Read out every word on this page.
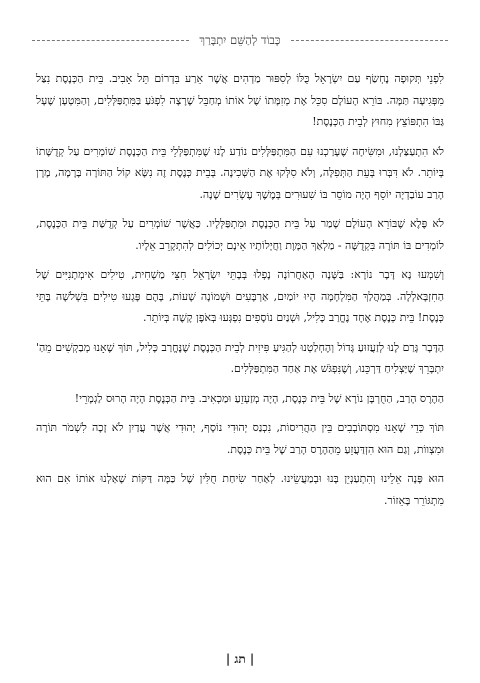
כָּבוֹד לְהַשֵּׁם יִתְבָּרַךְ

לִפְנֵי תְּקוּפָה נֶחְשַׂף עַם יִשְׂרָאֵל כֻּלּוֹ לְסִפּוּר מַדְהִים אֲשֶׁר אֵרַע בִּדְרוֹם תֵּל אָבִיב. בֵּית הַכְּנֶסֶת נִצַּל מִפְּגִיעָה תַּמָּה. בּוֹרֵא הָעוֹלָם סִכֵּל אֶת מְזִמָּתוֹ שֶׁל אוֹתוֹ מְחַבֵּל שֶׁרָצָה לִפְגֹּעַ בַּמִּתְפַּלְּלִים, וְהַמִּטְעָן שֶׁעָל גַּבּוֹ הִתְפּוֹצֵץ מִחוּץ לְבֵית הַכְּנֶסֶת!

לֹא הִתְעַצַּלְנוּ, וּמִשִּׂיחָה שֶׁעָרַכְנוּ עִם הַמִּתְפַּלְּלִים נוֹדַע לָנוּ שֶׁמִּתְפַּלְּלֵי בֵּית הַכְּנֶסֶת שׁוֹמְרִים עַל קְדֻשָּׁתוֹ בְּיוֹתֵר. לֹא דִּבְּרוּ בְּעֵת הַתְּפִלָּה, וְלֹא סִלְּקוּ אֶת הַשְּׁכִינָה. בְּבֵית כְּנֶסֶת זֶה נִשָּׂא קוֹל הַתּוֹרָה בָּרָמָה, מָרָן הָרַב עוֹבַדְיָה יוֹסֵף הָיָה מוֹסֵר בּוֹ שִׁעוּרִים בְּמֶשֶׁךְ עֶשְׂרִים שָׁנָה.

לֹא פֶּלֶא שֶׁבּוֹרֵא הָעוֹלָם שָׁמַר עַל בֵּית הַכְּנֶסֶת וּמִתְפַּלְּלָיו. כַּאֲשֶׁר שׁוֹמְרִים עַל קְדֻשַּׁת בֵּית הַכְּנֶסֶת, לוֹמְדִים בּוֹ תּוֹרָה בִּקְדֻשָּׁה - מַלְאַךְ הַמָּוֶת וַחֲיָלוֹתָיו אֵינָם יְכוֹלִים לְהִתְקָרֵב אֵלָיו.

וְשִׁמְעוּ נָא דָּבָר נוֹרָא: בַּשָּׁנָה הָאַחֲרוֹנָה נָפְלוּ בְּבָתֵּי יִשְׂרָאֵל חִצֵּי מַשְׁחִית, טִילִים אִימְתָנִיִּים שֶׁל הַחִזְבָּאלְלָה. בְּמַהֲלַךְ הַמִּלְחָמָה הָיוּ יוֹמַיִם, אַרְבָּעִים וּשְׁמוֹנָה שָׁעוֹת, בָּהֶם פָּגְעוּ טִילִים בִּשְׁלֹשָׁה בָּתֵּי כְּנֶסֶת! בֵּית כְּנֶסֶת אֶחָד נֶחֱרַב כָּלִיל, וּשְׁנַיִם נוֹסָפִים נִפְגְּעוּ בְּאֹפֶן קָשֶׁה בְּיוֹתֵר.

הַדָּבָר גָּרַם לָנוּ לְזַעֲזוּעַ גָּדוֹל וְהֶחְלַטְנוּ לְהַגִּיעַ פִּיזִית לְבֵית הַכְּנֶסֶת שֶׁנֶּחֱרַב כָּלִיל, תּוֹךְ שֶׁאָנוּ מְבַקְשִׁים מֵהַ' יִתְבָּרֵךְ שֶׁיַּצְלִיחַ דַּרְכֵּנוּ, וְשֶׁנִּפְגֹּשׁ אֶת אַחַד הַמִּתְפַּלְּלִים.

הַהֶרֶס הָרַב, הַחֻרְבָּן נוֹרָא שֶׁל בֵּית כְּנֶסֶת, הָיָה מְזַעְזֵעַ וּמַכְאִיב. בֵּית הַכְּנֶסֶת הָיָה הָרוּס לַגְמָרֵי!

תּוֹךְ כְּדֵי שֶׁאָנוּ מִסְתּוֹבְבִים בֵּין הַהֲרִיסוֹת, נִכְנַס יְהוּדִי נוֹסָף, יְהוּדִי אֲשֶׁר עֲדַיִן לֹא זָכָה לִשְׁמֹר תּוֹרָה וּמִצְווֹת, וְגַם הוּא הִזְדַּעֲזֵעַ מֵהַהֶרֶס הָרַב שֶׁל בֵּית כְּנֶסֶת.

הוּא פָּנָה אֵלֵינוּ וְהִתְעַנְיֵן בָּנוּ וּבְמַעֲשֵׂינוּ. לְאַחַר שִׂיחַת חֻלִּין שֶׁל כַּמָּה דַּקּוֹת שָׁאַלְנוּ אוֹתוֹ אִם הוּא מִתְגּוֹרֵר בָּאֵזוֹר.

| תג |
